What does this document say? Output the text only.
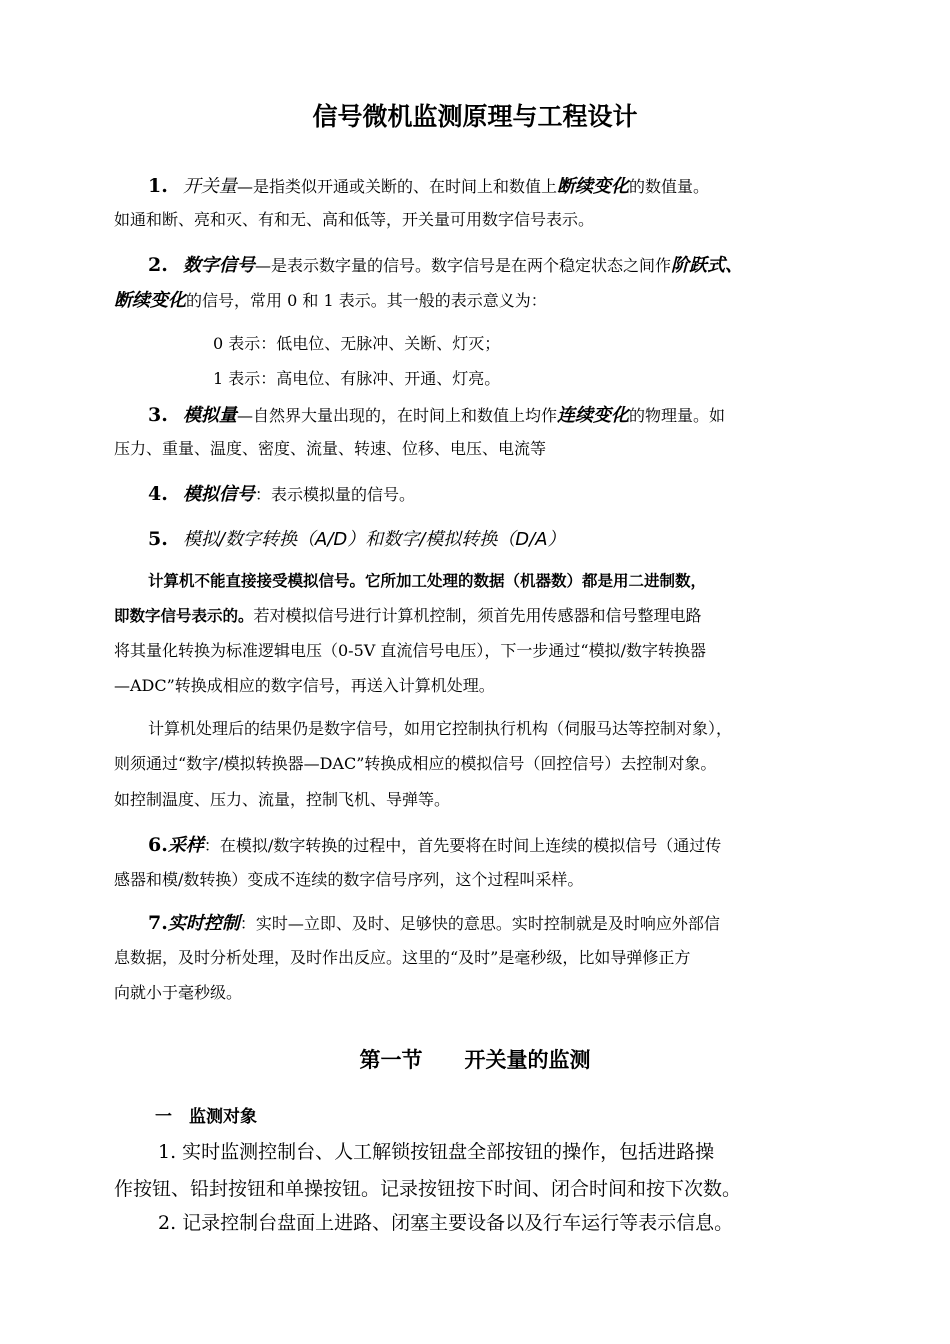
信号微机监测原理与工程设计
1. 开关量—是指类似开通或关断的、在时间上和数值上断续变化的数值量。
如通和断、亮和灭、有和无、高和低等，开关量可用数字信号表示。
2. 数字信号—是表示数字量的信号。数字信号是在两个稳定状态之间作阶跃式、
断续变化的信号，常用 0 和 1 表示。其一般的表示意义为：
0 表示：低电位、无脉冲、关断、灯灭；
1 表示：高电位、有脉冲、开通、灯亮。
3. 模拟量—自然界大量出现的，在时间上和数值上均作连续变化的物理量。如
压力、重量、温度、密度、流量、转速、位移、电压、电流等
4. 模拟信号：表示模拟量的信号。
5. 模拟/数字转换（A/D）和数字/模拟转换（D/A）
计算机不能直接接受模拟信号。它所加工处理的数据（机器数）都是用二进制数，
即数字信号表示的。若对模拟信号进行计算机控制，须首先用传感器和信号整理电路
将其量化转换为标准逻辑电压（0-5V 直流信号电压），下一步通过“模拟/数字转换器
—ADC”转换成相应的数字信号，再送入计算机处理。
计算机处理后的结果仍是数字信号，如用它控制执行机构（伺服马达等控制对象），
则须通过“数字/模拟转换器—DAC”转换成相应的模拟信号（回控信号）去控制对象。
如控制温度、压力、流量，控制飞机、导弹等。
6.采样：在模拟/数字转换的过程中，首先要将在时间上连续的模拟信号（通过传
感器和模/数转换）变成不连续的数字信号序列，这个过程叫采样。
7.实时控制：实时—立即、及时、足够快的意思。实时控制就是及时响应外部信
息数据，及时分析处理，及时作出反应。这里的“及时”是毫秒级，比如导弹修正方
向就小于毫秒级。
第一节　　开关量的监测
一　监测对象
1. 实时监测控制台、人工解锁按钮盘全部按钮的操作，包括进路操
作按钮、铅封按钮和单操按钮。记录按钮按下时间、闭合时间和按下次数。
2. 记录控制台盘面上进路、闭塞主要设备以及行车运行等表示信息。
